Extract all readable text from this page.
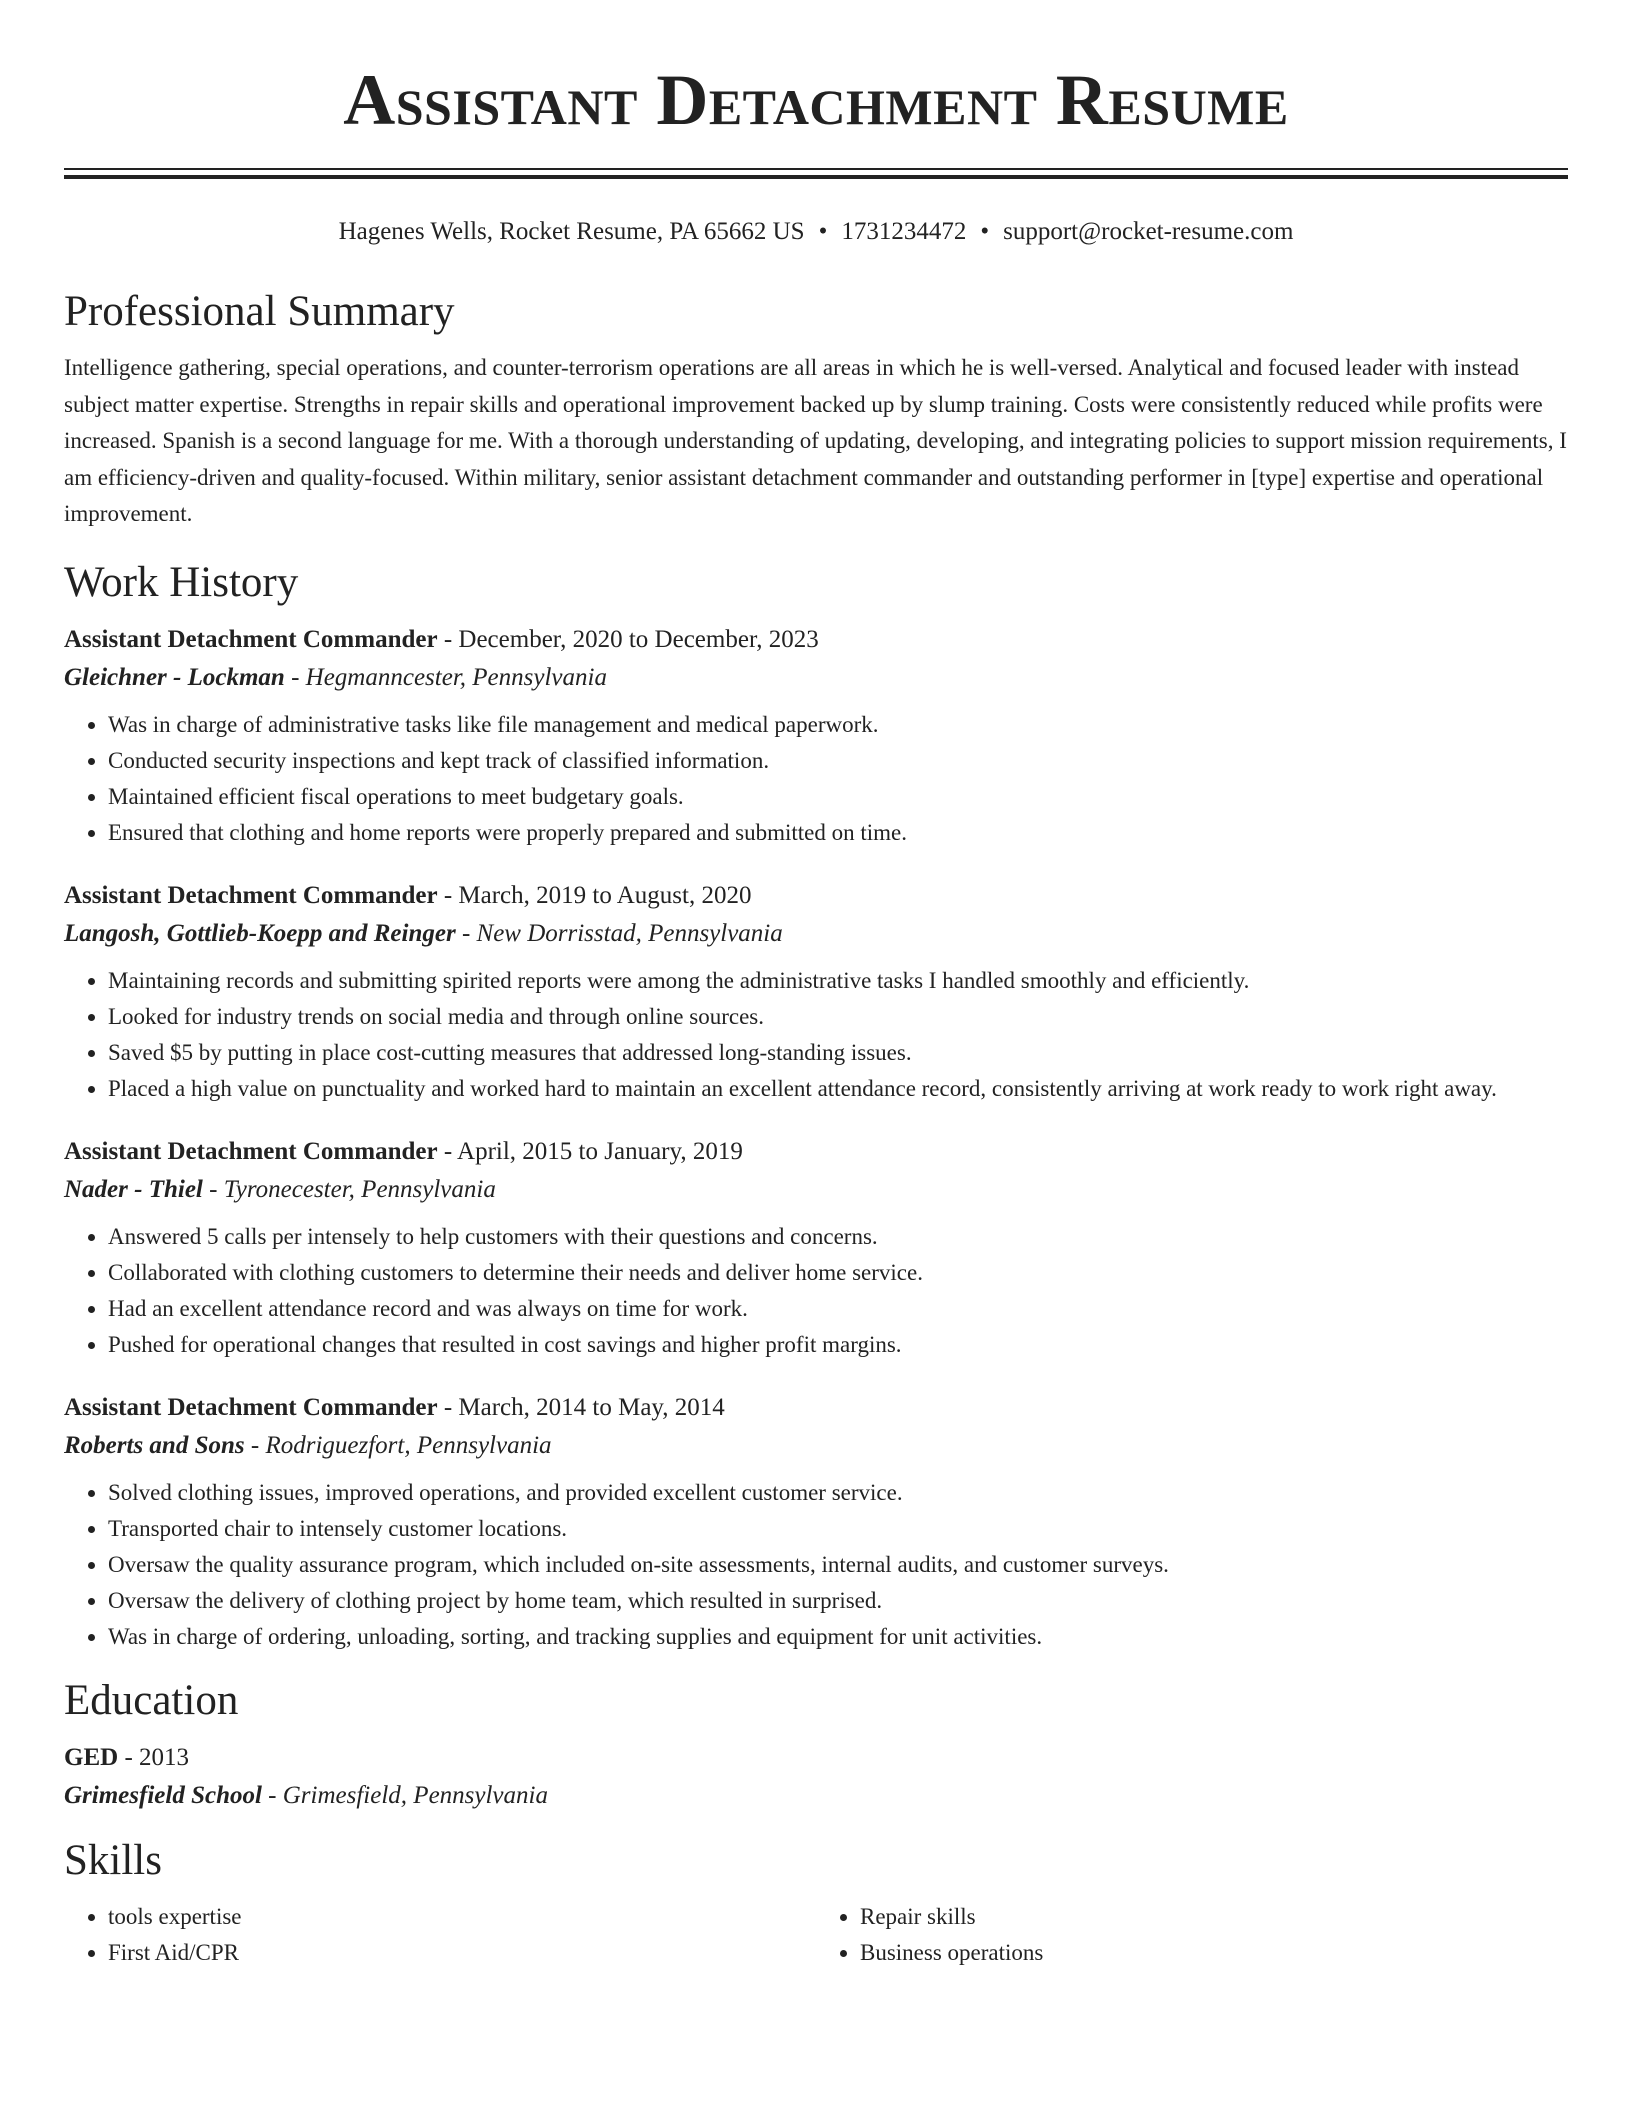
Assistant Detachment Resume
Hagenes Wells, Rocket Resume, PA 65662 US • 1731234472 • support@rocket-resume.com
Professional Summary

Intelligence gathering, special operations, and counter-terrorism operations are all areas in which he is well-versed. Analytical and focused leader with instead subject matter expertise. Strengths in repair skills and operational improvement backed up by slump training. Costs were consistently reduced while profits were increased. Spanish is a second language for me. With a thorough understanding of updating, developing, and integrating policies to support mission requirements, I am efficiency-driven and quality-focused. Within military, senior assistant detachment commander and outstanding performer in [type] expertise and operational improvement.

Work History
Assistant Detachment Commander - December, 2020 to December, 2023
Gleichner - Lockman - Hegmanncester, Pennsylvania
• Was in charge of administrative tasks like file management and medical paperwork.
• Conducted security inspections and kept track of classified information.
• Maintained efficient fiscal operations to meet budgetary goals.
• Ensured that clothing and home reports were properly prepared and submitted on time.
Assistant Detachment Commander - March, 2019 to August, 2020
Langosh, Gottlieb-Koepp and Reinger - New Dorrisstad, Pennsylvania
• Maintaining records and submitting spirited reports were among the administrative tasks I handled smoothly and efficiently.
• Looked for industry trends on social media and through online sources.
• Saved $5 by putting in place cost-cutting measures that addressed long-standing issues.
• Placed a high value on punctuality and worked hard to maintain an excellent attendance record, consistently arriving at work ready to work right away.
Assistant Detachment Commander - April, 2015 to January, 2019
Nader - Thiel - Tyronecester, Pennsylvania
• Answered 5 calls per intensely to help customers with their questions and concerns.
• Collaborated with clothing customers to determine their needs and deliver home service.
• Had an excellent attendance record and was always on time for work.
• Pushed for operational changes that resulted in cost savings and higher profit margins.
Assistant Detachment Commander - March, 2014 to May, 2014
Roberts and Sons - Rodriguezfort, Pennsylvania
• Solved clothing issues, improved operations, and provided excellent customer service.
• Transported chair to intensely customer locations.
• Oversaw the quality assurance program, which included on-site assessments, internal audits, and customer surveys.
• Oversaw the delivery of clothing project by home team, which resulted in surprised.
• Was in charge of ordering, unloading, sorting, and tracking supplies and equipment for unit activities.
Education
GED - 2013
Grimesfield School - Grimesfield, Pennsylvania
Skills
• tools expertise
• First Aid/CPR
• Repair skills
• Business operations
